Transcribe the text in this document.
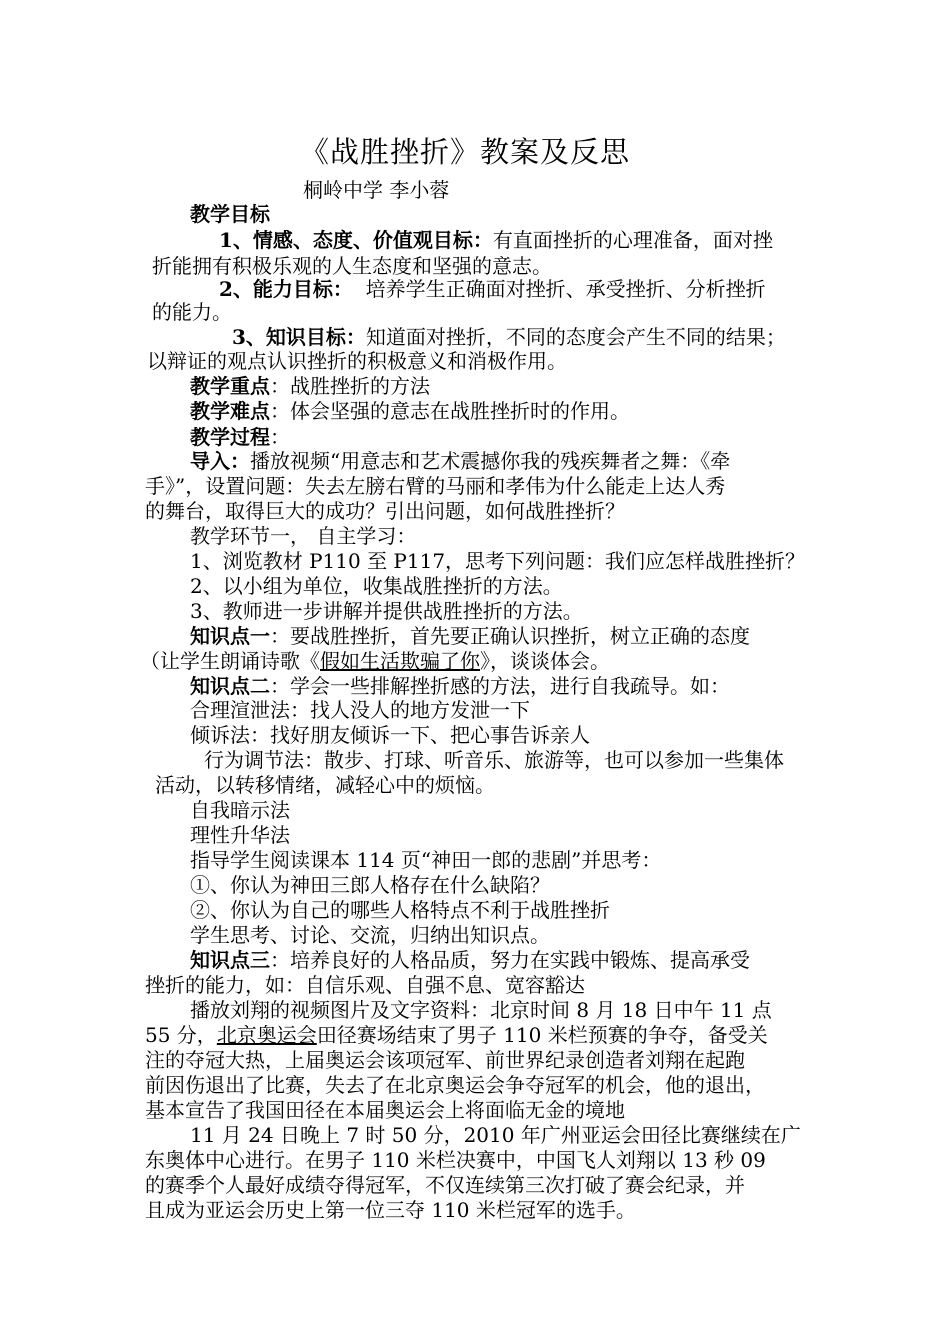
《战胜挫折》教案及反思
桐岭中学 李小蓉
教学目标
1、情感、态度、价值观目标：有直面挫折的心理准备，面对挫
折能拥有积极乐观的人生态度和坚强的意志。
2、能力目标： 培养学生正确面对挫折、承受挫折、分析挫折
的能力。
3、知识目标：知道面对挫折，不同的态度会产生不同的结果；
以辩证的观点认识挫折的积极意义和消极作用。
教学重点：战胜挫折的方法
教学难点：体会坚强的意志在战胜挫折时的作用。
教学过程：
导入：播放视频“用意志和艺术震撼你我的残疾舞者之舞：《牵
手》”，设置问题：失去左膀右臂的马丽和孝伟为什么能走上达人秀
的舞台，取得巨大的成功？引出问题，如何战胜挫折？
教学环节一， 自主学习：
1、浏览教材 P110 至 P117，思考下列问题：我们应怎样战胜挫折？
2、以小组为单位，收集战胜挫折的方法。
3、教师进一步讲解并提供战胜挫折的方法。
知识点一：要战胜挫折，首先要正确认识挫折，树立正确的态度
（让学生朗诵诗歌《假如生活欺骗了你》，谈谈体会。
知识点二：学会一些排解挫折感的方法，进行自我疏导。如：
合理渲泄法：找人没人的地方发泄一下
倾诉法：找好朋友倾诉一下、把心事告诉亲人
行为调节法：散步、打球、听音乐、旅游等，也可以参加一些集体
活动，以转移情绪，减轻心中的烦恼。
自我暗示法
理性升华法
指导学生阅读课本 114 页“神田一郎的悲剧”并思考：
①、你认为神田三郎人格存在什么缺陷？
②、你认为自己的哪些人格特点不利于战胜挫折
学生思考、讨论、交流，归纳出知识点。
知识点三：培养良好的人格品质，努力在实践中锻炼、提高承受
挫折的能力，如：自信乐观、自强不息、宽容豁达
播放刘翔的视频图片及文字资料：北京时间 8 月 18 日中午 11 点
55 分，北京奥运会田径赛场结束了男子 110 米栏预赛的争夺，备受关
注的夺冠大热，上届奥运会该项冠军、前世界纪录创造者刘翔在起跑
前因伤退出了比赛，失去了在北京奥运会争夺冠军的机会，他的退出，
基本宣告了我国田径在本届奥运会上将面临无金的境地
11 月 24 日晚上 7 时 50 分，2010 年广州亚运会田径比赛继续在广
东奥体中心进行。在男子 110 米栏决赛中，中国飞人刘翔以 13 秒 09
的赛季个人最好成绩夺得冠军，不仅连续第三次打破了赛会纪录，并
且成为亚运会历史上第一位三夺 110 米栏冠军的选手。
